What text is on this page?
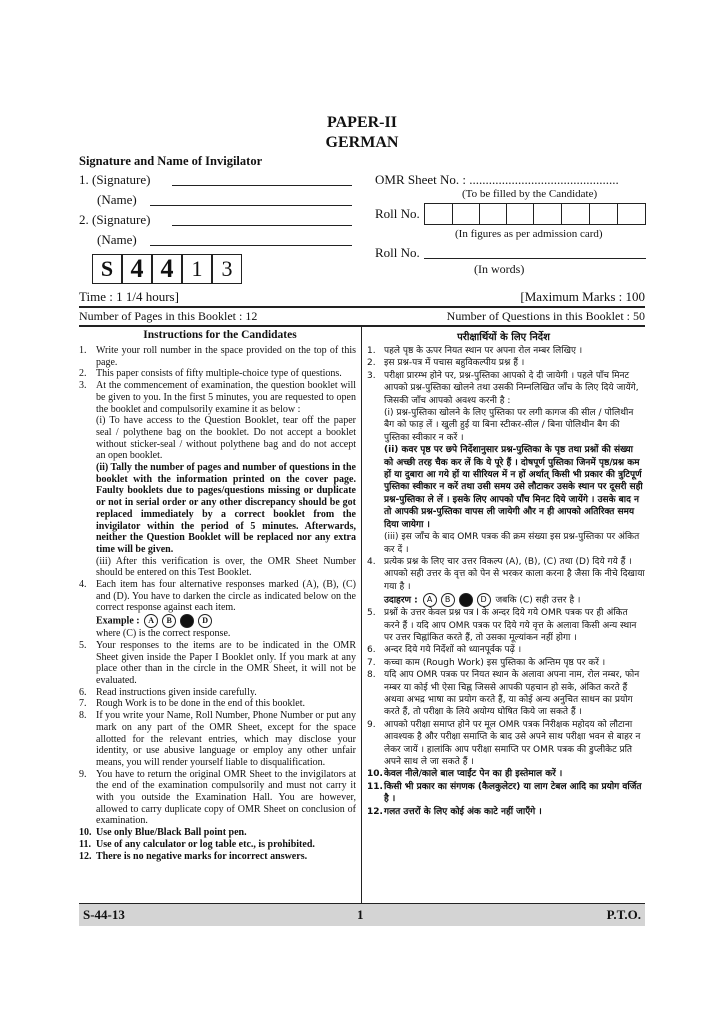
PAPER-II
GERMAN
Signature and Name of Invigilator
1. (Signature)
(Name)
2. (Signature)
(Name)
S 4 4 1 3
OMR Sheet No. : ..............................................
(To be filled by the Candidate)
Roll No.
(In figures as per admission card)
Roll No.
(In words)
Time : 1 1/4 hours]	[Maximum Marks : 100
Number of Pages in this Booklet : 12	Number of Questions in this Booklet : 50
Instructions for the Candidates
1. Write your roll number in the space provided on the top of this page.
2. This paper consists of fifty multiple-choice type of questions.
3. At the commencement of examination, the question booklet will be given to you. In the first 5 minutes, you are requested to open the booklet and compulsorily examine it as below :
(i) To have access to the Question Booklet, tear off the paper seal / polythene bag on the booklet. Do not accept a booklet without sticker-seal / without polythene bag and do not accept an open booklet.
(ii) Tally the number of pages and number of questions in the booklet with the information printed on the cover page. Faulty booklets due to pages/questions missing or duplicate or not in serial order or any other discrepancy should be got replaced immediately by a correct booklet from the invigilator within the period of 5 minutes. Afterwards, neither the Question Booklet will be replaced nor any extra time will be given.
(iii) After this verification is over, the OMR Sheet Number should be entered on this Test Booklet.
4. Each item has four alternative responses marked (A), (B), (C) and (D). You have to darken the circle as indicated below on the correct response against each item.
Example : A B	D
where (C) is the correct response.
5. Your responses to the items are to be indicated in the OMR Sheet given inside the Paper I Booklet only. If you mark at any place other than in the circle in the OMR Sheet, it will not be evaluated.
6. Read instructions given inside carefully.
7. Rough Work is to be done in the end of this booklet.
8. If you write your Name, Roll Number, Phone Number or put any mark on any part of the OMR Sheet, except for the space allotted for the relevant entries, which may disclose your identity, or use abusive language or employ any other unfair means, you will render yourself liable to disqualification.
9. You have to return the original OMR Sheet to the invigilators at the end of the examination compulsorily and must not carry it with you outside the Examination Hall. You are however, allowed to carry duplicate copy of OMR Sheet on conclusion of examination.
10. Use only Blue/Black Ball point pen.
11. Use of any calculator or log table etc., is prohibited.
12. There is no negative marks for incorrect answers.
परीक्षार्थियों के लिए निर्देश
1. पहले पृष्ठ के ऊपर नियत स्थान पर अपना रोल नम्बर लिखिए ।
2. इस प्रश्न-पत्र में पचास बहुविकल्पीय प्रश्न हैं ।
3. परीक्षा प्रारम्भ होने पर, प्रश्न-पुस्तिका आपको दे दी जायेगी । पहले पाँच मिनट आपको प्रश्न-पुस्तिका खोलने तथा उसकी निम्नलिखित जाँच के लिए दिये जायेंगे, जिसकी जाँच आपको अवश्य करनी है :
(i) प्रश्न-पुस्तिका खोलने के लिए पुस्तिका पर लगी कागज की सील / पोलिथीन बैग को फाड़ लें । खुली हुई या बिना स्टीकर-सील / बिना पोलिथीन बैग की पुस्तिका स्वीकार न करें ।
(ii) कवर पृष्ठ पर छपे निर्देशानुसार प्रश्न-पुस्तिका के पृष्ठ तथा प्रश्नों की संख्या को अच्छी तरह चैक कर लें कि ये पूरे हैं । दोषपूर्ण पुस्तिका जिनमें पृष्ठ/प्रश्न कम हों या दुबारा आ गये हों या सीरियल में न हों अर्थात् किसी भी प्रकार की त्रुटिपूर्ण पुस्तिका स्वीकार न करें तथा उसी समय उसे लौटाकर उसके स्थान पर दूसरी सही प्रश्न-पुस्तिका ले लें । इसके लिए आपको पाँच मिनट दिये जायेंगे । उसके बाद न तो आपकी प्रश्न-पुस्तिका वापस ली जायेगी और न ही आपको अतिरिक्त समय दिया जायेगा ।
(iii) इस जाँच के बाद OMR पत्रक की क्रम संख्या इस प्रश्न-पुस्तिका पर अंकित कर दें ।
4. प्रत्येक प्रश्न के लिए चार उत्तर विकल्प (A), (B), (C) तथा (D) दिये गये हैं । आपको सही उत्तर के वृत्त को पेन से भरकर काला करना है जैसा कि नीचे दिखाया गया है ।
उदाहरण : A B	D जबकि (C) सही उत्तर है ।
5. प्रश्नों के उत्तर केवल प्रश्न पत्र I के अन्दर दिये गये OMR पत्रक पर ही अंकित करने हैं । यदि आप OMR पत्रक पर दिये गये वृत्त के अलावा किसी अन्य स्थान पर उत्तर चिह्नांकित करते हैं, तो उसका मूल्यांकन नहीं होगा ।
6. अन्दर दिये गये निर्देशों को ध्यानपूर्वक पढ़ें ।
7. कच्चा काम (Rough Work) इस पुस्तिका के अन्तिम पृष्ठ पर करें ।
8. यदि आप OMR पत्रक पर नियत स्थान के अलावा अपना नाम, रोल नम्बर, फोन नम्बर या कोई भी ऐसा चिह्न जिससे आपकी पहचान हो सके, अंकित करते हैं अथवा अभद्र भाषा का प्रयोग करते हैं, या कोई अन्य अनुचित साधन का प्रयोग करते हैं, तो परीक्षा के लिये अयोग्य घोषित किये जा सकते हैं ।
9. आपको परीक्षा समाप्त होने पर मूल OMR पत्रक निरीक्षक महोदय को लौटाना आवश्यक है और परीक्षा समाप्ति के बाद उसे अपने साथ परीक्षा भवन से बाहर न लेकर जायें । हालांकि आप परीक्षा समाप्ति पर OMR पत्रक की डुप्लीकेट प्रति अपने साथ ले जा सकते हैं ।
10. केवल नीले/काले बाल प्वाईंट पेन का ही इस्तेमाल करें ।
11. किसी भी प्रकार का संगणक (कैलकुलेटर) या लाग टेबल आदि का प्रयोग वर्जित है ।
12. गलत उत्तरों के लिए कोई अंक काटे नहीं जाएँगे ।
S-44-13	1	P.T.O.
